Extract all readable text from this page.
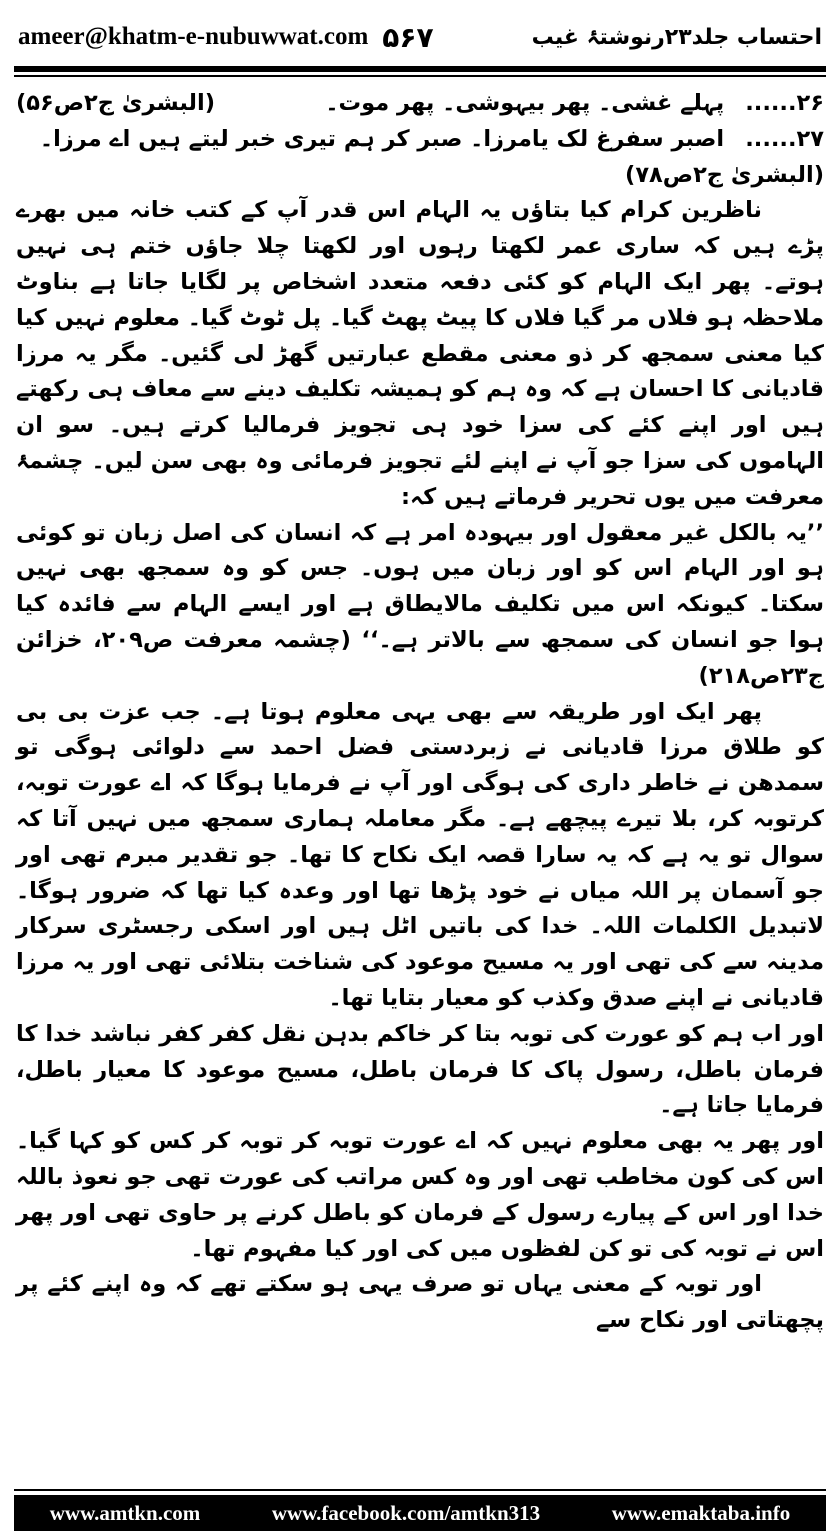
ameer@khatm-e-nubuwwat.com ۵۶۷	احتساب جلد۲۳رنوشتۂ غیب
۲۶...... پہلے غشی۔ پھر بیہوشی۔ پھر موت۔
(البشریٰ ج۲ص۵۶)
۲۷...... اصبر سفرغ لک یامرزا۔ صبر کر ہم تیری خبر لیتے ہیں اے مرزا۔
(البشریٰ ج۲ص۷۸)

ناظرین کرام کیا بتاؤں یہ الہام اس قدر آپ کے کتب خانہ میں بھرے پڑے ہیں کہ ساری عمر لکھتا رہوں اور لکھتا چلا جاؤں ختم ہی نہیں ہوتے۔ پھر ایک الہام کو کئی دفعہ متعدد اشخاص پر لگایا جاتا ہے بناوٹ ملاحظہ ہو فلاں مر گیا فلاں کا پیٹ پھٹ گیا۔ پل ٹوٹ گیا۔ معلوم نہیں کیا کیا معنی سمجھ کر ذو معنی مقطع عبارتیں گھڑ لی گئیں۔ مگر یہ مرزا قادیانی کا احسان ہے کہ وہ ہم کو ہمیشہ تکلیف دینے سے معاف ہی رکھتے ہیں اور اپنے کئے کی سزا خود ہی تجویز فرمالیا کرتے ہیں۔ سو ان الہاموں کی سزا جو آپ نے اپنے لئے تجویز فرمائی وہ بھی سن لیں۔ چشمۂ معرفت میں یوں تحریر فرماتے ہیں کہ:

’’یہ بالکل غیر معقول اور بیہودہ امر ہے کہ انسان کی اصل زبان تو کوئی ہو اور الہام اس کو اور زبان میں ہوں۔ جس کو وہ سمجھ بھی نہیں سکتا۔ کیونکہ اس میں تکلیف مالایطاق ہے اور ایسے الہام سے فائدہ کیا ہوا جو انسان کی سمجھ سے بالاتر ہے۔‘‘ (چشمہ معرفت ص۲۰۹، خزائن ج۲۳ص۲۱۸)

پھر ایک اور طریقہ سے بھی یہی معلوم ہوتا ہے۔ جب عزت بی بی کو طلاق مرزا قادیانی نے زبردستی فضل احمد سے دلوائی ہوگی تو سمدھن نے خاطر داری کی ہوگی اور آپ نے فرمایا ہوگا کہ اے عورت توبہ، کرتوبہ کر، بلا تیرے پیچھے ہے۔ مگر معاملہ ہماری سمجھ میں نہیں آتا کہ سوال تو یہ ہے کہ یہ سارا قصہ ایک نکاح کا تھا۔ جو تقدیر مبرم تھی اور جو آسمان پر اللہ میاں نے خود پڑھا تھا اور وعدہ کیا تھا کہ ضرور ہوگا۔ لاتبدیل الکلمات اللہ۔ خدا کی باتیں اٹل ہیں اور اسکی رجسٹری سرکار مدینہ سے کی تھی اور یہ مسیح موعود کی شناخت بتلائی تھی اور یہ مرزا قادیانی نے اپنے صدق وکذب کو معیار بتایا تھا۔

اور اب ہم کو عورت کی توبہ بتا کر خاکم بدہن نقل کفر کفر نباشد خدا کا فرمان باطل، رسول پاک کا فرمان باطل، مسیح موعود کا معیار باطل، فرمایا جاتا ہے۔

اور پھر یہ بھی معلوم نہیں کہ اے عورت توبہ کر توبہ کر کس کو کہا گیا۔ اس کی کون مخاطب تھی اور وہ کس مراتب کی عورت تھی جو نعوذ باللہ خدا اور اس کے پیارے رسول کے فرمان کو باطل کرنے پر حاوی تھی اور پھر اس نے توبہ کی تو کن لفظوں میں کی اور کیا مفہوم تھا۔

اور توبہ کے معنی یہاں تو صرف یہی ہو سکتے تھے کہ وہ اپنے کئے پر پچھتاتی اور نکاح سے

www.amtkn.com	www.facebook.com/amtkn313	www.emaktaba.info
